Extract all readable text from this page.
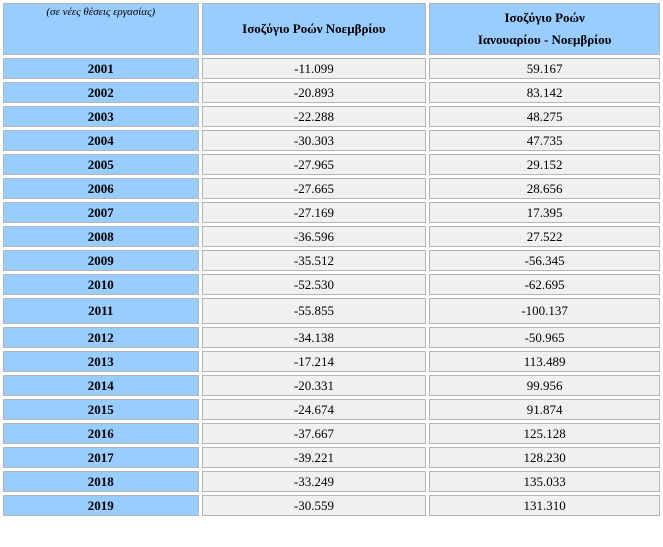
(σε νέες θέσεις εργασίας)	Ισοζύγιο Ροών Νοεμβρίου	Ισοζύγιο Ροών
Ιανουαρίου - Νοεμβρίου

2001	-11.099	59.167
2002	-20.893	83.142
2003	-22.288	48.275
2004	-30.303	47.735
2005	-27.965	29.152
2006	-27.665	28.656
2007	-27.169	17.395
2008	-36.596	27.522
2009	-35.512	-56.345
2010	-52.530	-62.695
2011	-55.855	-100.137
2012	-34.138	-50.965
2013	-17.214	113.489
2014	-20.331	99.956
2015	-24.674	91.874
2016	-37.667	125.128
2017	-39.221	128.230
2018	-33.249	135.033
2019	-30.559	131.310
